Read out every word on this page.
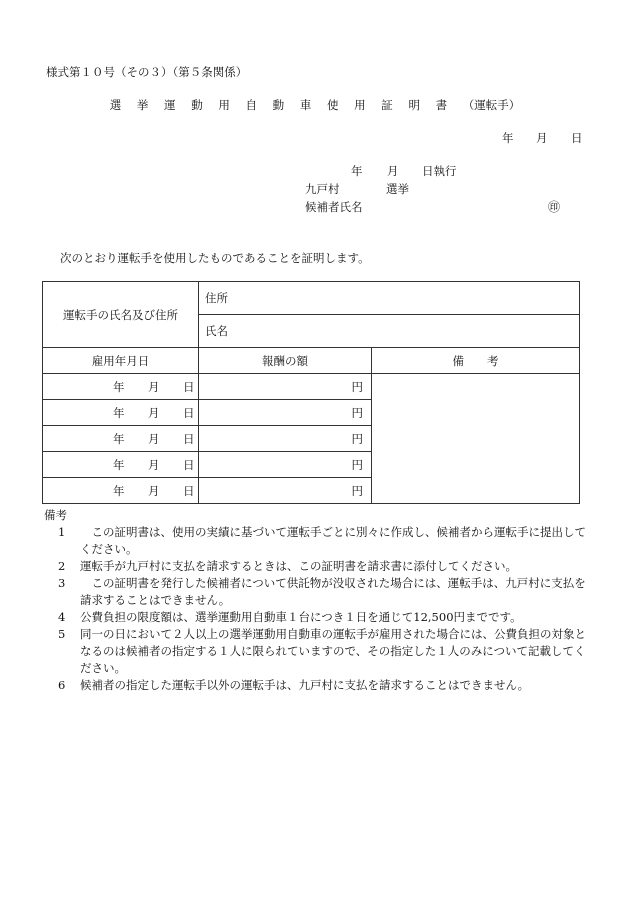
様式第１０号（その３）（第５条関係）
選 挙 運 動 用 自 動 車 使 用 証 明 書 （運転手）
年 月 日
年 月 日執行
九戸村	選挙
候補者氏名	㊞
次のとおり運転手を使用したものであることを証明します。
運転手の氏名及び住所	住所	
	氏名	
雇用年月日	報酬の額	備　　考

年 月 日	円	

年 月 日	円	

年 月 日	円	

年 月 日	円	

年 月 日	円	
備考
1	　この証明書は、使用の実績に基づいて運転手ごとに別々に作成し、候補者から運転手に提出してください。
2	運転手が九戸村に支払を請求するときは、この証明書を請求書に添付してください。
3	　この証明書を発行した候補者について供託物が没収された場合には、運転手は、九戸村に支払を請求することはできません。
4	公費負担の限度額は、選挙運動用自動車１台につき１日を通じて12,500円までです。
5	同一の日において２人以上の選挙運動用自動車の運転手が雇用された場合には、公費負担の対象となるのは候補者の指定する１人に限られていますので、その指定した１人のみについて記載してください。
6	候補者の指定した運転手以外の運転手は、九戸村に支払を請求することはできません。
